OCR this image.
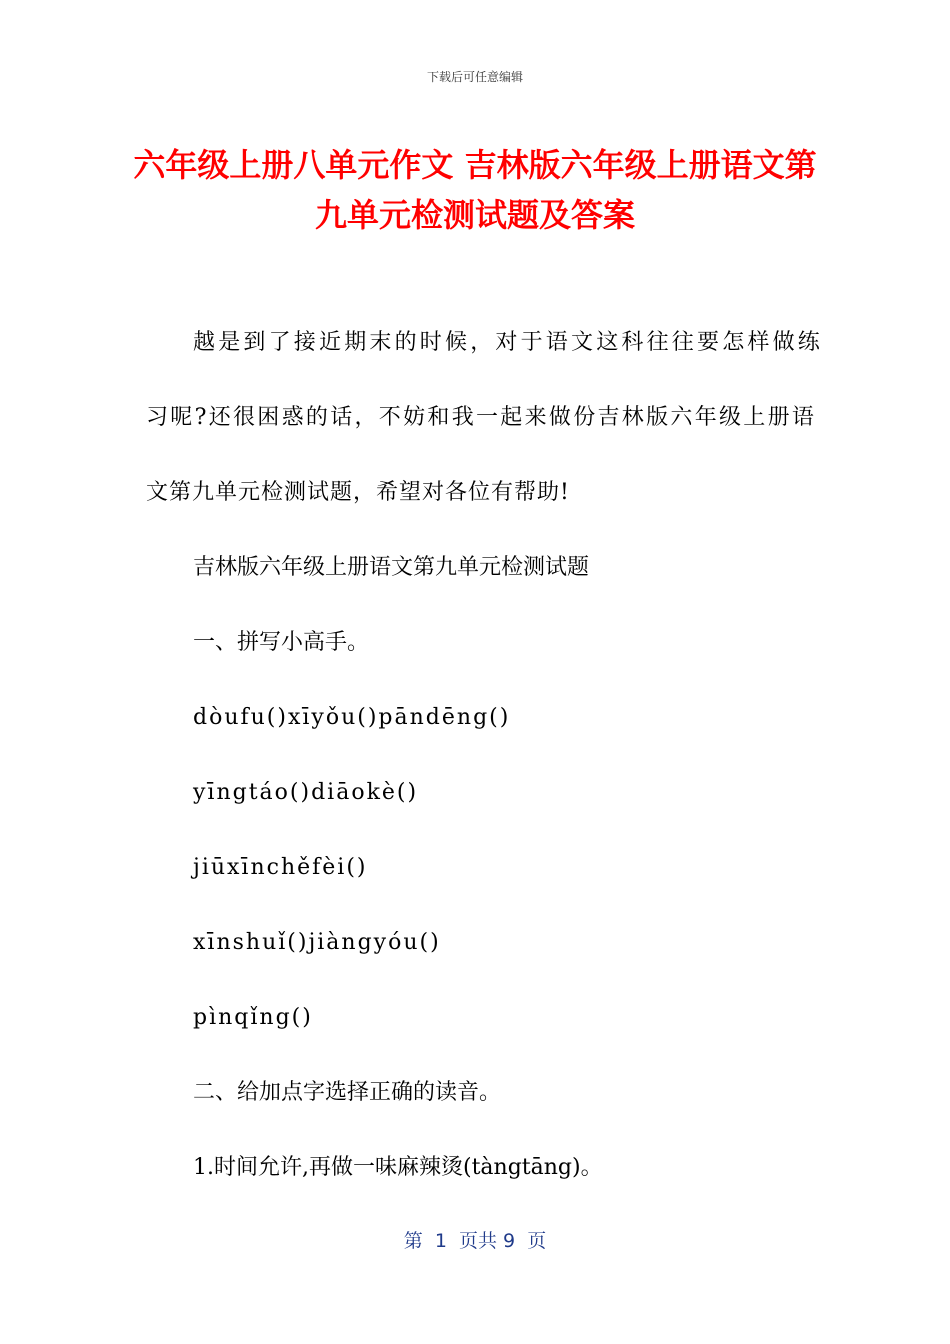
下载后可任意编辑
六年级上册八单元作文 吉林版六年级上册语文第九单元检测试题及答案

越是到了接近期末的时候，对于语文这科往往要怎样做练

习呢?还很困惑的话，不妨和我一起来做份吉林版六年级上册语

文第九单元检测试题，希望对各位有帮助!

吉林版六年级上册语文第九单元检测试题

一、拼写小高手。

dòufu()xīyǒu()pāndēng()

yīngtáo()diāokè()

jiūxīnchěfèi()

xīnshuǐ()jiàngyóu()

pìnqǐng()

二、给加点字选择正确的读音。

1.时间允许,再做一味麻辣烫(tàngtāng)。

第  1  页共 9  页
